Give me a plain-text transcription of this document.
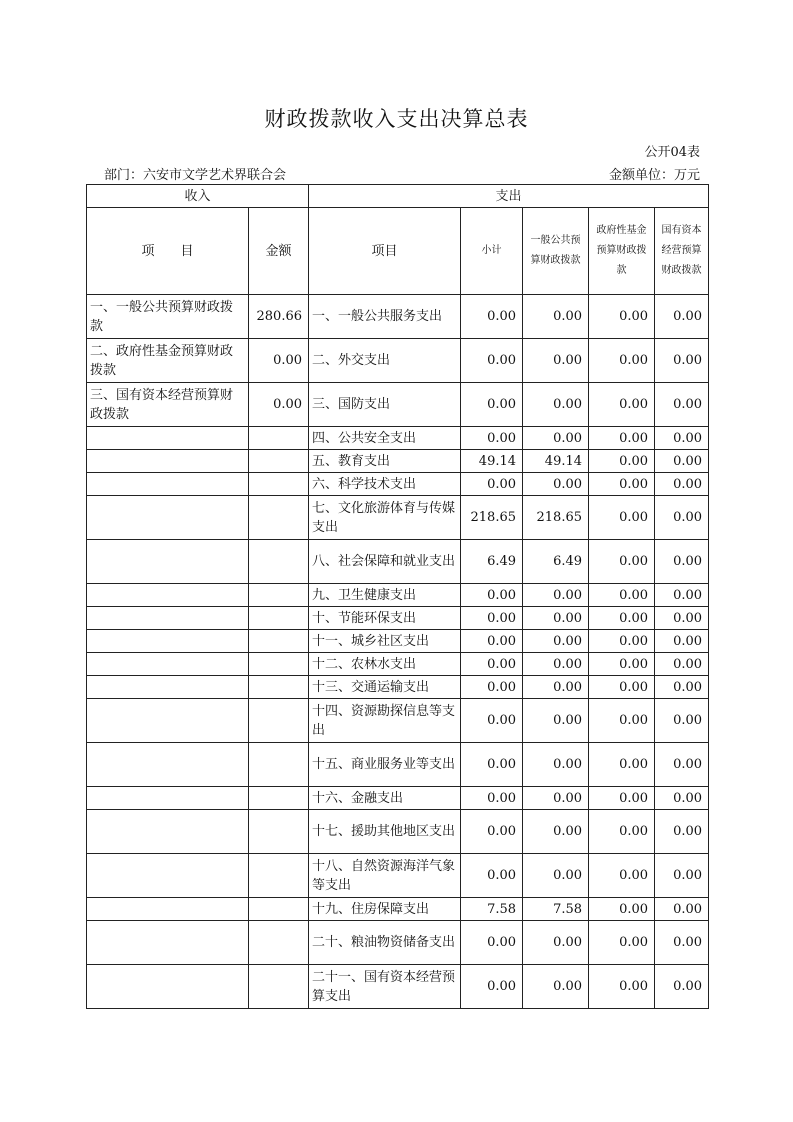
财政拨款收入支出决算总表
公开04表
部门：六安市文学艺术界联合会	金额单位：万元
收入		支出				
项　　目	金额	项目	小计	一般公共预算财政拨款	政府性基金预算财政拨款	国有资本经营预算财政拨款
一、一般公共预算财政拨款	280.66	一、一般公共服务支出	0.00	0.00	0.00	0.00
二、政府性基金预算财政拨款	0.00	二、外交支出	0.00	0.00	0.00	0.00
三、国有资本经营预算财政拨款	0.00	三、国防支出	0.00	0.00	0.00	0.00
		四、公共安全支出	0.00	0.00	0.00	0.00
		五、教育支出	49.14	49.14	0.00	0.00
		六、科学技术支出	0.00	0.00	0.00	0.00
		七、文化旅游体育与传媒支出	218.65	218.65	0.00	0.00
		八、社会保障和就业支出	6.49	6.49	0.00	0.00
		九、卫生健康支出	0.00	0.00	0.00	0.00
		十、节能环保支出	0.00	0.00	0.00	0.00
		十一、城乡社区支出	0.00	0.00	0.00	0.00
		十二、农林水支出	0.00	0.00	0.00	0.00
		十三、交通运输支出	0.00	0.00	0.00	0.00
		十四、资源勘探信息等支出	0.00	0.00	0.00	0.00
		十五、商业服务业等支出	0.00	0.00	0.00	0.00
		十六、金融支出	0.00	0.00	0.00	0.00
		十七、援助其他地区支出	0.00	0.00	0.00	0.00
		十八、自然资源海洋气象等支出	0.00	0.00	0.00	0.00
		十九、住房保障支出	7.58	7.58	0.00	0.00
		二十、粮油物资储备支出	0.00	0.00	0.00	0.00
		二十一、国有资本经营预算支出	0.00	0.00	0.00	0.00
